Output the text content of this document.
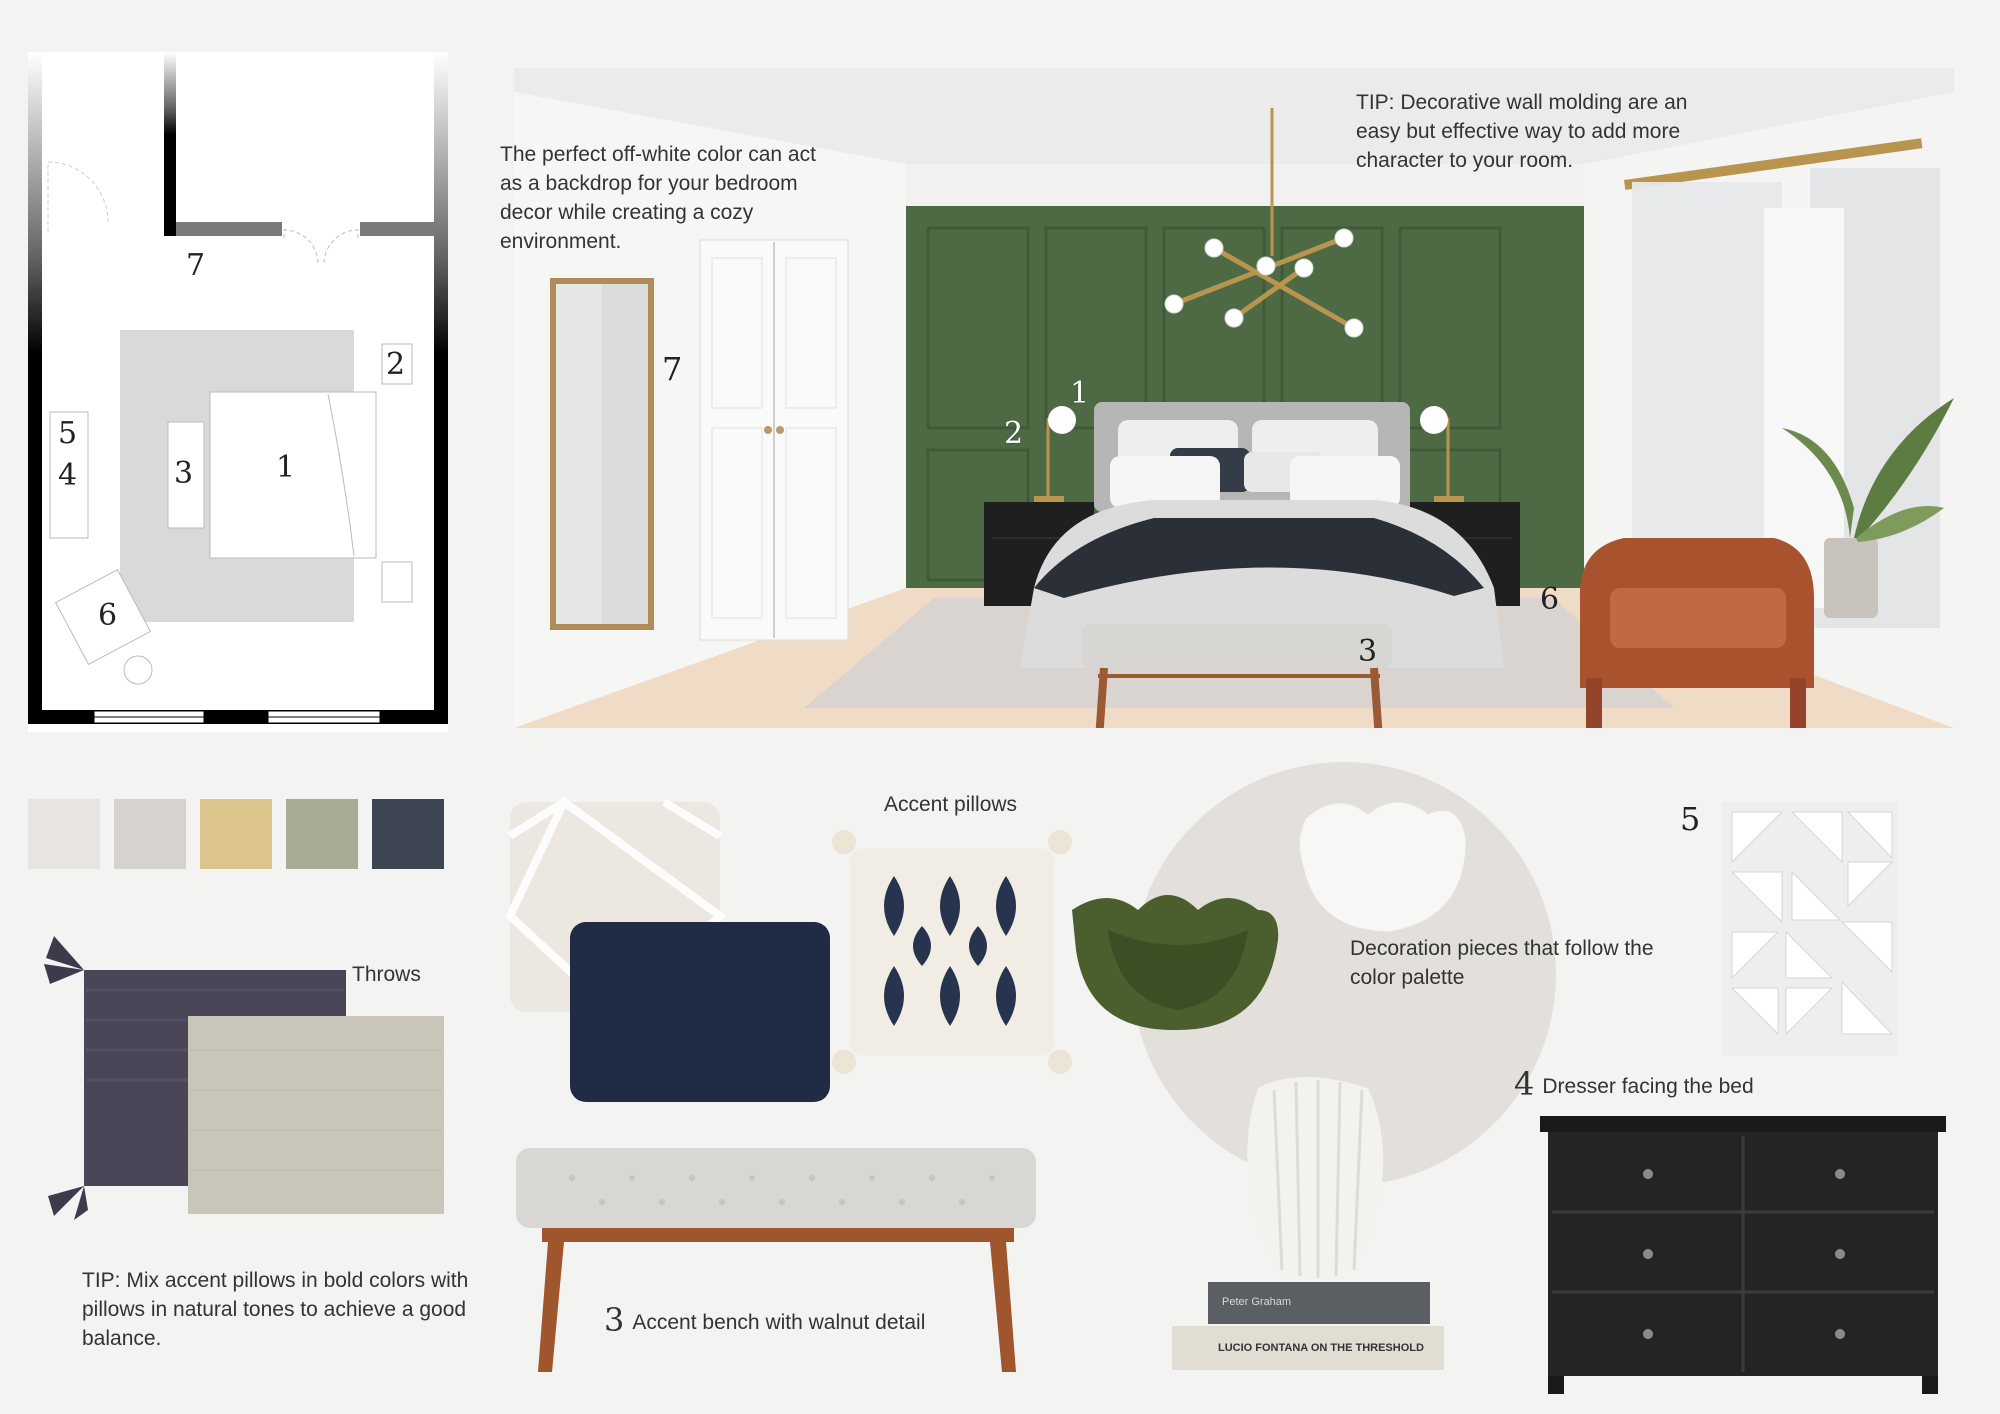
7
2
5
4	3	1
6
The perfect off-white color can act as a backdrop for your bedroom decor while creating a cozy environment.
TIP: Decorative wall molding are an easy but effective way to add more character to your room.
7
2
1
3
6
Throws
TIP: Mix accent pillows in bold colors with pillows in natural tones to achieve a good balance.
Accent pillows
3 Accent bench with walnut detail
Peter Graham
LUCIO FONTANA ON THE THRESHOLD
Decoration pieces that follow the color palette
5
4 Dresser facing the bed
